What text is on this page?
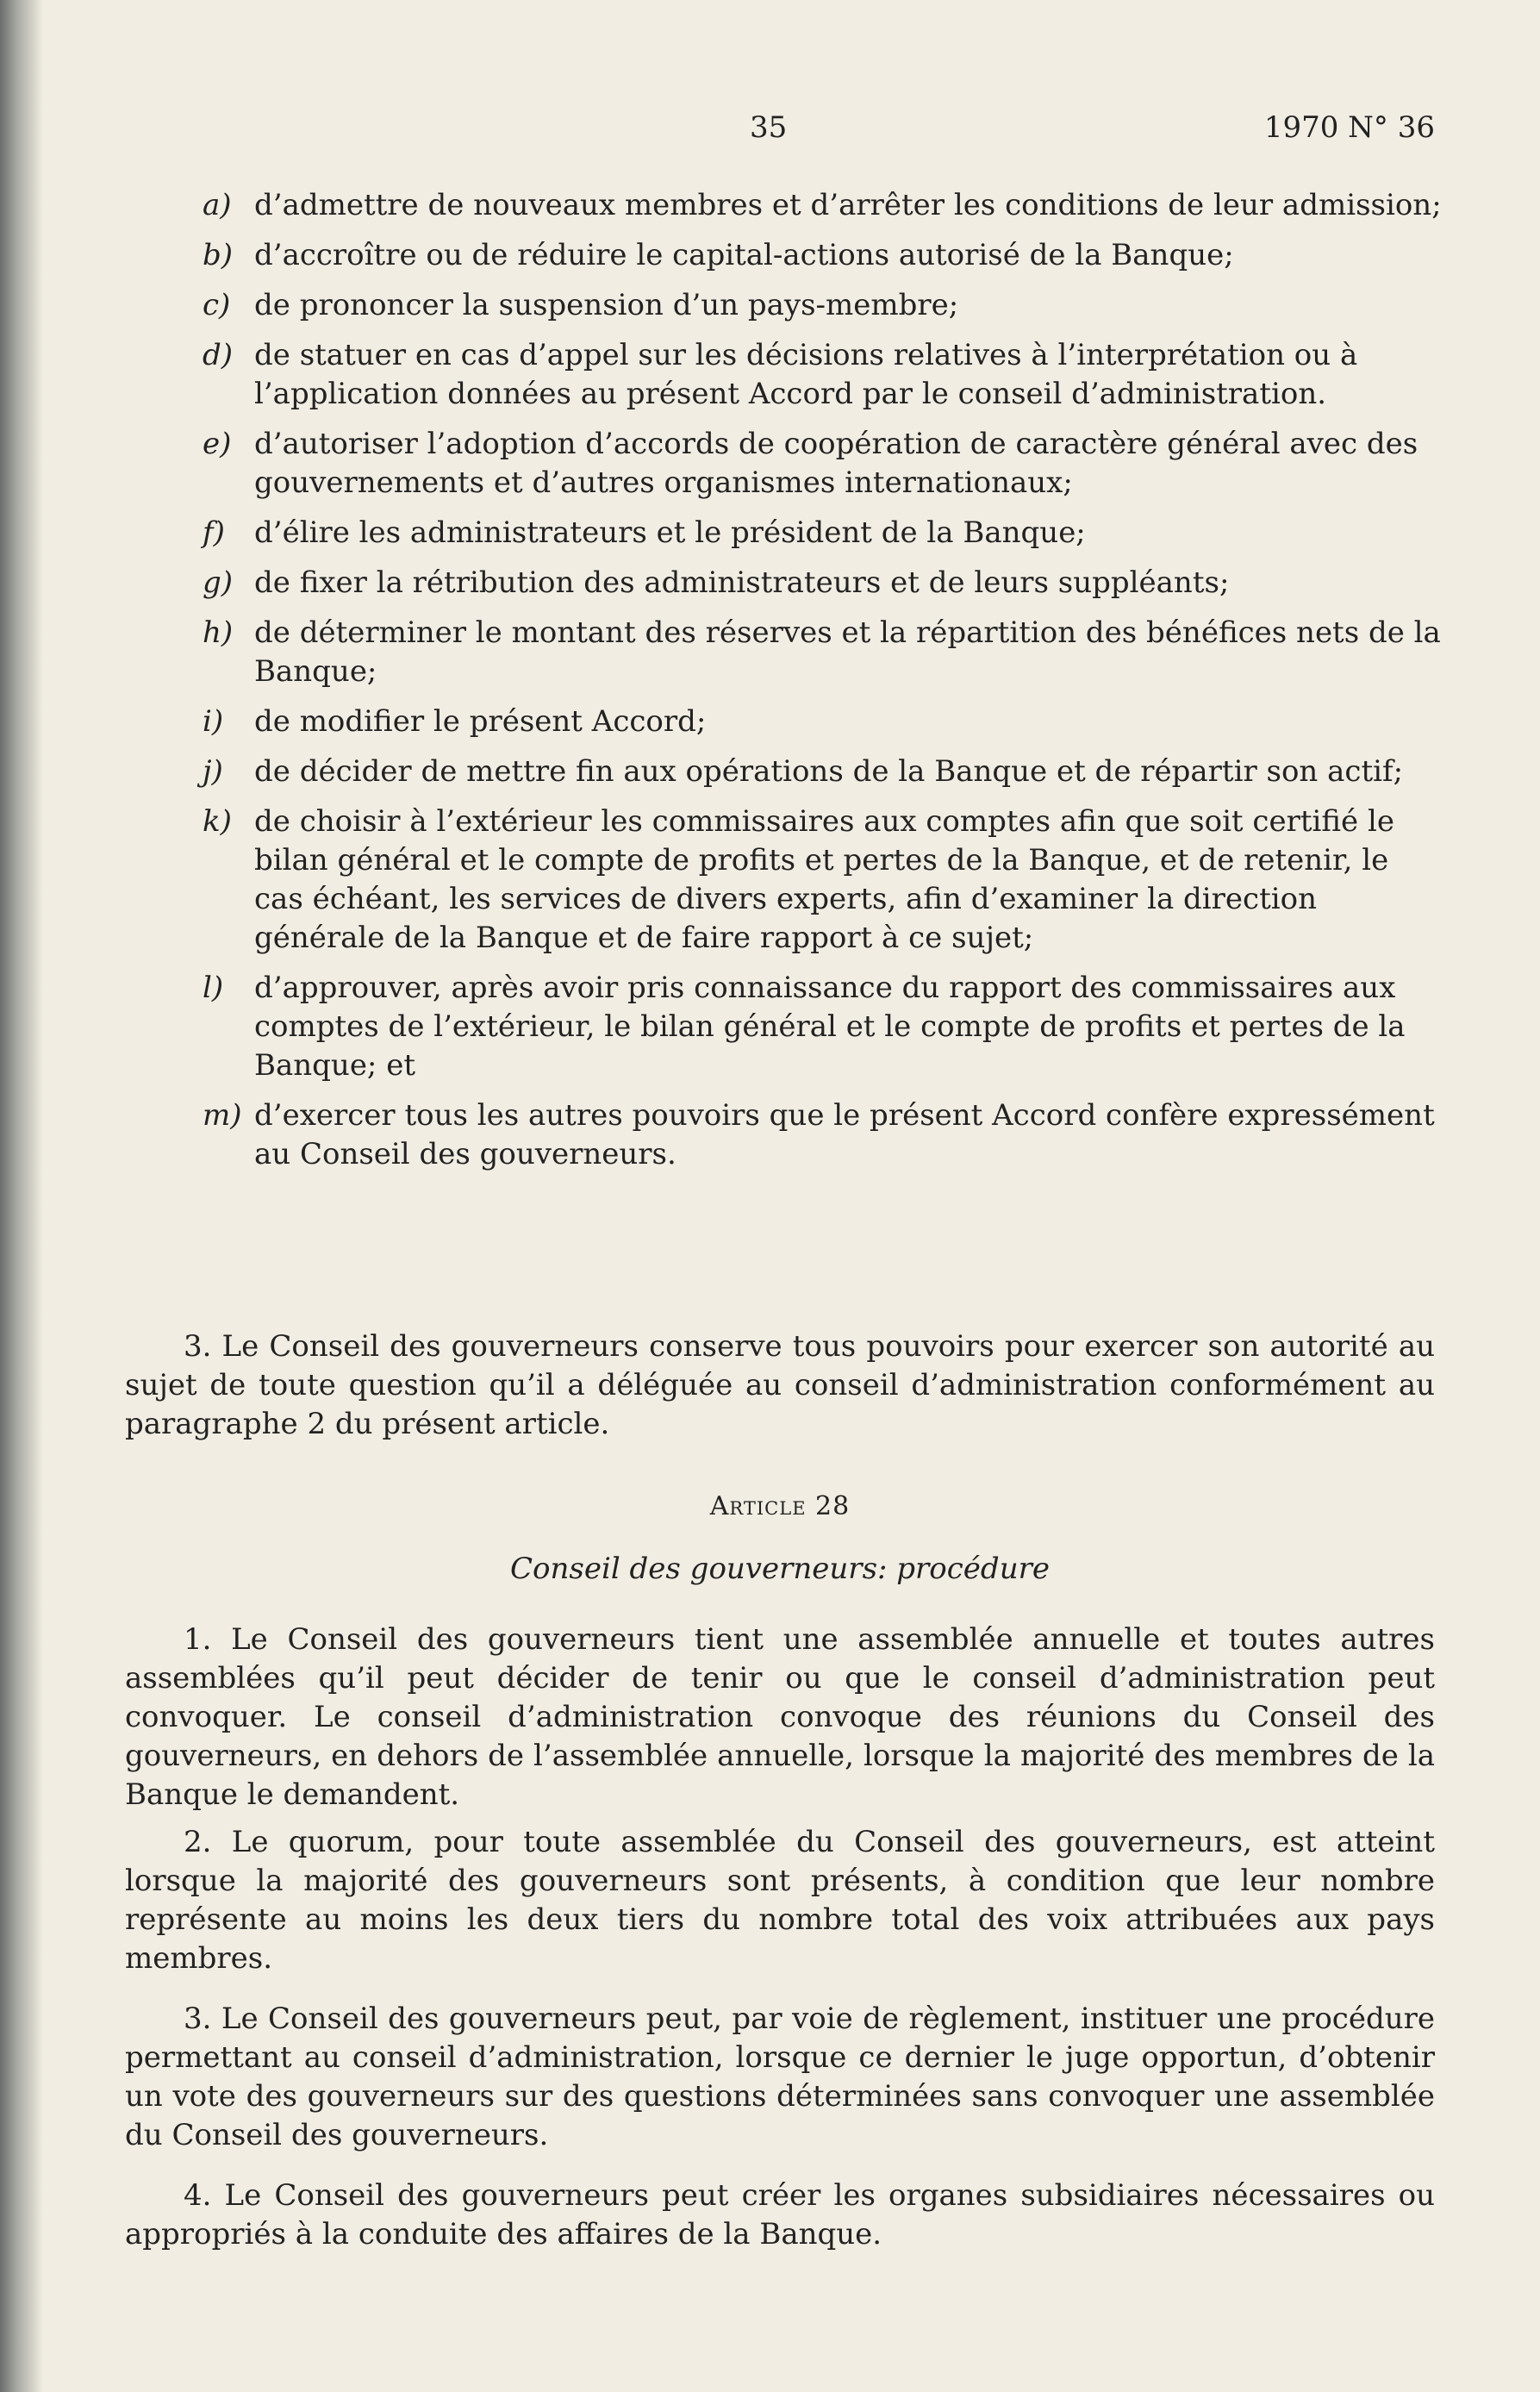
35	1970 N° 36
a) d’admettre de nouveaux membres et d’arrêter les conditions de leur admission;
b) d’accroître ou de réduire le capital-actions autorisé de la Banque;
c) de prononcer la suspension d’un pays-membre;
d) de statuer en cas d’appel sur les décisions relatives à l’interprétation ou à l’application données au présent Accord par le conseil d’administration.
e) d’autoriser l’adoption d’accords de coopération de caractère général avec des gouvernements et d’autres organismes internationaux;
f)	d’élire les administrateurs et le président de la Banque;
g) de fixer la rétribution des administrateurs et de leurs suppléants;
h) de déterminer le montant des réserves et la répartition des bénéfices nets de la Banque;
i)	de modifier le présent Accord;
j)	de décider de mettre fin aux opérations de la Banque et de répartir son actif;
k) de choisir à l’extérieur les commissaires aux comptes afin que soit certifié le bilan général et le compte de profits et pertes de la Banque, et de retenir, le cas échéant, les services de divers experts, afin d’examiner la direction générale de la Banque et de faire rapport à ce sujet;
l)	d’approuver, après avoir pris connaissance du rapport des commissaires aux comptes de l’extérieur, le bilan général et le compte de profits et pertes de la Banque; et
m) d’exercer tous les autres pouvoirs que le présent Accord confère expressément au Conseil des gouverneurs.

3. Le Conseil des gouverneurs conserve tous pouvoirs pour exercer son autorité au sujet de toute question qu’il a déléguée au conseil d’administration conformément au paragraphe 2 du présent article.

Article 28
Conseil des gouverneurs: procédure

1. Le Conseil des gouverneurs tient une assemblée annuelle et toutes autres assemblées qu’il peut décider de tenir ou que le conseil d’administration peut convoquer. Le conseil d’administration convoque des réunions du Conseil des gouverneurs, en dehors de l’assemblée annuelle, lorsque la majorité des membres de la Banque le demandent.

2. Le quorum, pour toute assemblée du Conseil des gouverneurs, est atteint lorsque la majorité des gouverneurs sont présents, à condition que leur nombre représente au moins les deux tiers du nombre total des voix attribuées aux pays membres.

3. Le Conseil des gouverneurs peut, par voie de règlement, instituer une procédure permettant au conseil d’administration, lorsque ce dernier le juge opportun, d’obtenir un vote des gouverneurs sur des questions déterminées sans convoquer une assemblée du Conseil des gouverneurs.

4. Le Conseil des gouverneurs peut créer les organes subsidiaires nécessaires ou appropriés à la conduite des affaires de la Banque.
